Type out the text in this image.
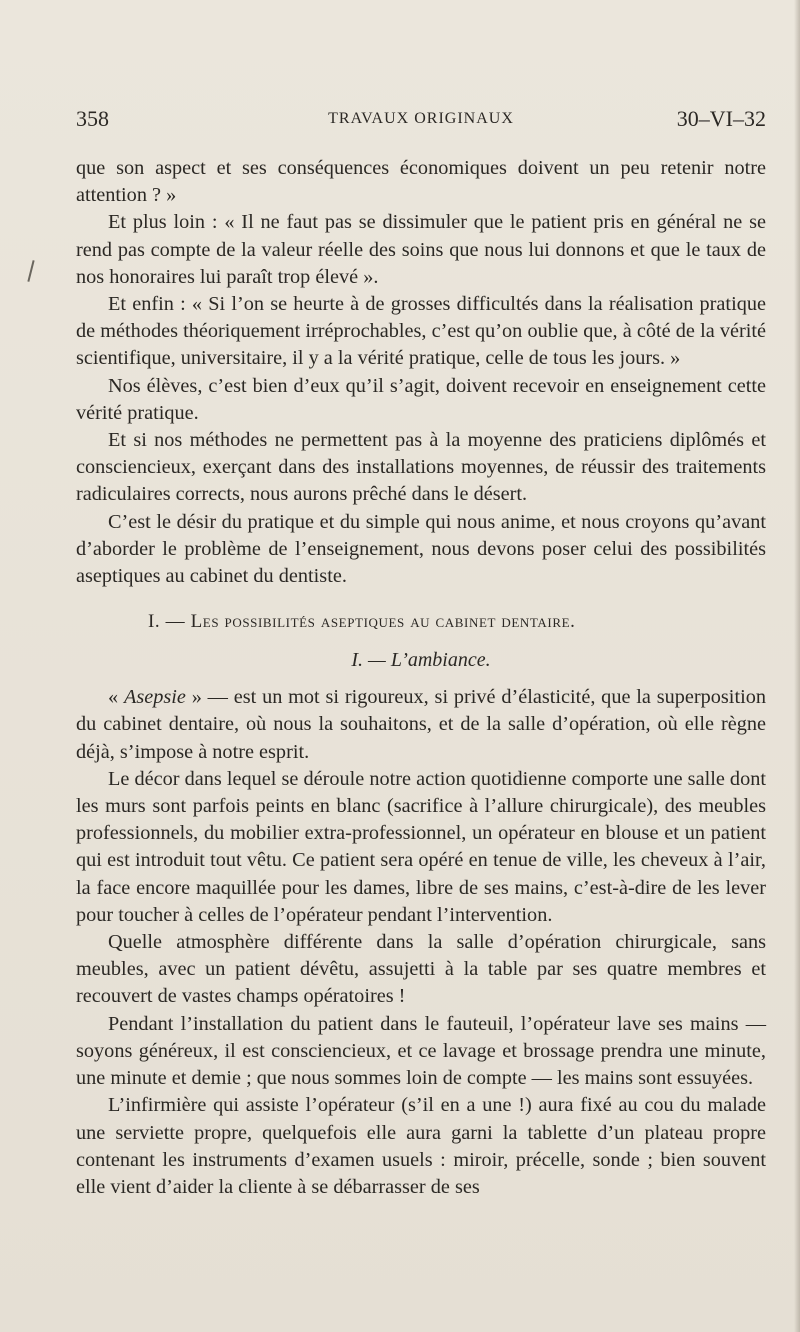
358	TRAVAUX ORIGINAUX	30–VI–32

que son aspect et ses conséquences économiques doivent un peu retenir notre attention ? »

Et plus loin : « Il ne faut pas se dissimuler que le patient pris en général ne se rend pas compte de la valeur réelle des soins que nous lui donnons et que le taux de nos honoraires lui paraît trop élevé ».

Et enfin : « Si l’on se heurte à de grosses difficultés dans la réalisation pratique de méthodes théoriquement irréprochables, c’est qu’on oublie que, à côté de la vérité scientifique, universitaire, il y a la vérité pratique, celle de tous les jours. »

Nos élèves, c’est bien d’eux qu’il s’agit, doivent recevoir en enseignement cette vérité pratique.

Et si nos méthodes ne permettent pas à la moyenne des praticiens diplômés et consciencieux, exerçant dans des installations moyennes, de réussir des traitements radiculaires corrects, nous aurons prêché dans le désert.

C’est le désir du pratique et du simple qui nous anime, et nous croyons qu’avant d’aborder le problème de l’enseignement, nous devons poser celui des possibilités aseptiques au cabinet du dentiste.

I. — Les possibilités aseptiques au cabinet dentaire.
I. — L’ambiance.

« Asepsie » — est un mot si rigoureux, si privé d’élasticité, que la superposition du cabinet dentaire, où nous la souhaitons, et de la salle d’opération, où elle règne déjà, s’impose à notre esprit.

Le décor dans lequel se déroule notre action quotidienne comporte une salle dont les murs sont parfois peints en blanc (sacrifice à l’allure chirurgicale), des meubles professionnels, du mobilier extra-professionnel, un opérateur en blouse et un patient qui est introduit tout vêtu. Ce patient sera opéré en tenue de ville, les cheveux à l’air, la face encore maquillée pour les dames, libre de ses mains, c’est-à-dire de les lever pour toucher à celles de l’opérateur pendant l’intervention.

Quelle atmosphère différente dans la salle d’opération chirurgicale, sans meubles, avec un patient dévêtu, assujetti à la table par ses quatre membres et recouvert de vastes champs opératoires !

Pendant l’installation du patient dans le fauteuil, l’opérateur lave ses mains — soyons généreux, il est consciencieux, et ce lavage et brossage prendra une minute, une minute et demie ; que nous sommes loin de compte — les mains sont essuyées.

L’infirmière qui assiste l’opérateur (s’il en a une !) aura fixé au cou du malade une serviette propre, quelquefois elle aura garni la tablette d’un plateau propre contenant les instruments d’examen usuels : miroir, précelle, sonde ; bien souvent elle vient d’aider la cliente à se débarrasser de ses
